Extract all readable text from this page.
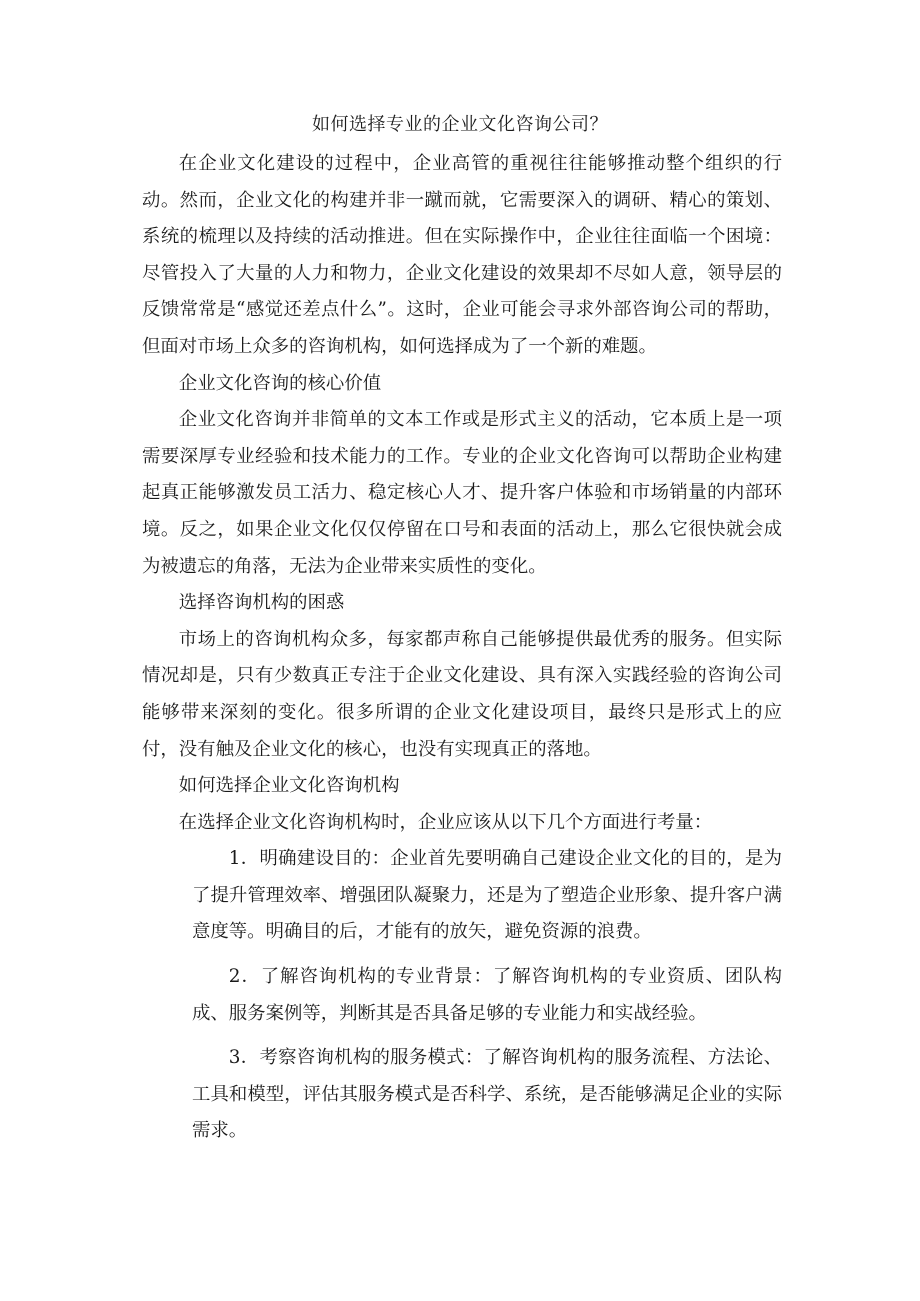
如何选择专业的企业文化咨询公司？

在企业文化建设的过程中，企业高管的重视往往能够推动整个组织的行动。然而，企业文化的构建并非一蹴而就，它需要深入的调研、精心的策划、系统的梳理以及持续的活动推进。但在实际操作中，企业往往面临一个困境：尽管投入了大量的人力和物力，企业文化建设的效果却不尽如人意，领导层的反馈常常是“感觉还差点什么”。这时，企业可能会寻求外部咨询公司的帮助，但面对市场上众多的咨询机构，如何选择成为了一个新的难题。

企业文化咨询的核心价值

企业文化咨询并非简单的文本工作或是形式主义的活动，它本质上是一项需要深厚专业经验和技术能力的工作。专业的企业文化咨询可以帮助企业构建起真正能够激发员工活力、稳定核心人才、提升客户体验和市场销量的内部环境。反之，如果企业文化仅仅停留在口号和表面的活动上，那么它很快就会成为被遗忘的角落，无法为企业带来实质性的变化。

选择咨询机构的困惑

市场上的咨询机构众多，每家都声称自己能够提供最优秀的服务。但实际情况却是，只有少数真正专注于企业文化建设、具有深入实践经验的咨询公司能够带来深刻的变化。很多所谓的企业文化建设项目，最终只是形式上的应付，没有触及企业文化的核心，也没有实现真正的落地。

如何选择企业文化咨询机构

在选择企业文化咨询机构时，企业应该从以下几个方面进行考量：

1．明确建设目的：企业首先要明确自己建设企业文化的目的，是为了提升管理效率、增强团队凝聚力，还是为了塑造企业形象、提升客户满意度等。明确目的后，才能有的放矢，避免资源的浪费。

2．了解咨询机构的专业背景：了解咨询机构的专业资质、团队构成、服务案例等，判断其是否具备足够的专业能力和实战经验。

3．考察咨询机构的服务模式：了解咨询机构的服务流程、方法论、工具和模型，评估其服务模式是否科学、系统，是否能够满足企业的实际需求。
